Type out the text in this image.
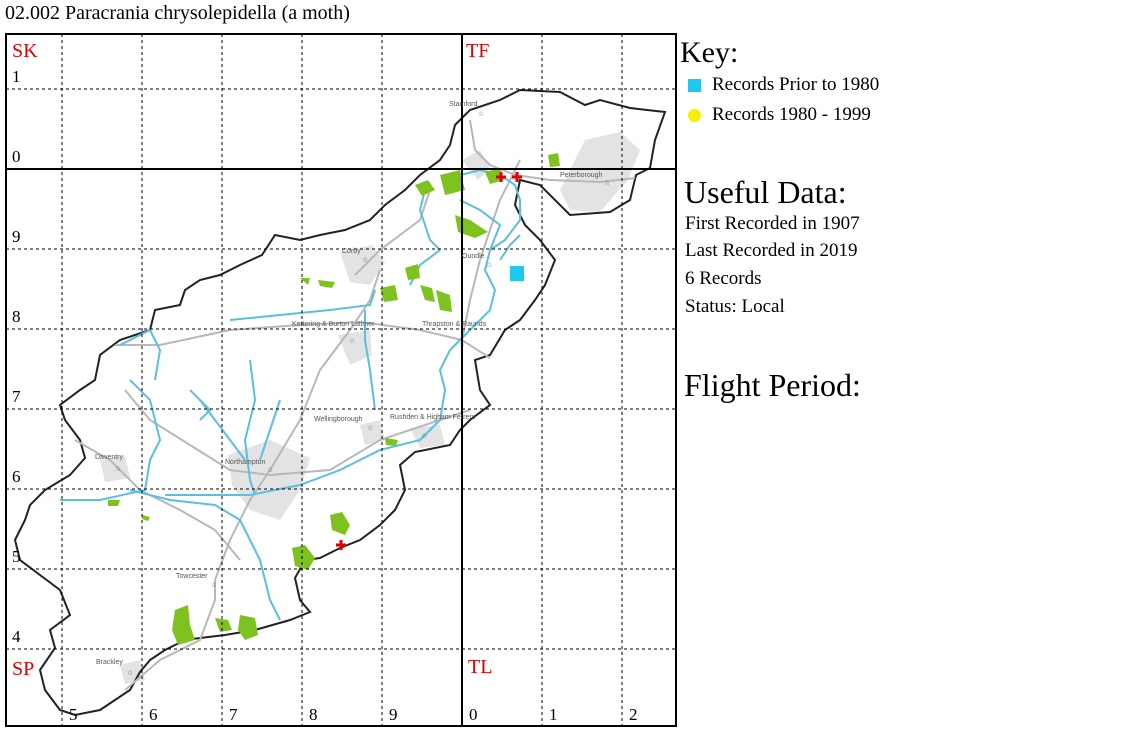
02.002 Paracrania chrysolepidella (a moth)
SK	TF
SP	TL
5	6	7	8	9	0	1	2
1
0
9
8
7
6
5
4
Stamford
☆
Peterborough
☆
Corby
☆
Oundle
☆
Kettering & Burton Latimer
☆
Thrapston & Raunds
☆
Wellingborough
☆
Rushden & Higham Ferrers
☆
Daventry
☆
Northampton
☆
Towcester
☆
Brackley
☆
Key:
Records Prior to 1980
Records 1980 - 1999
Useful Data:
First Recorded in 1907
Last Recorded in 2019
6 Records
Status: Local
Flight Period:
